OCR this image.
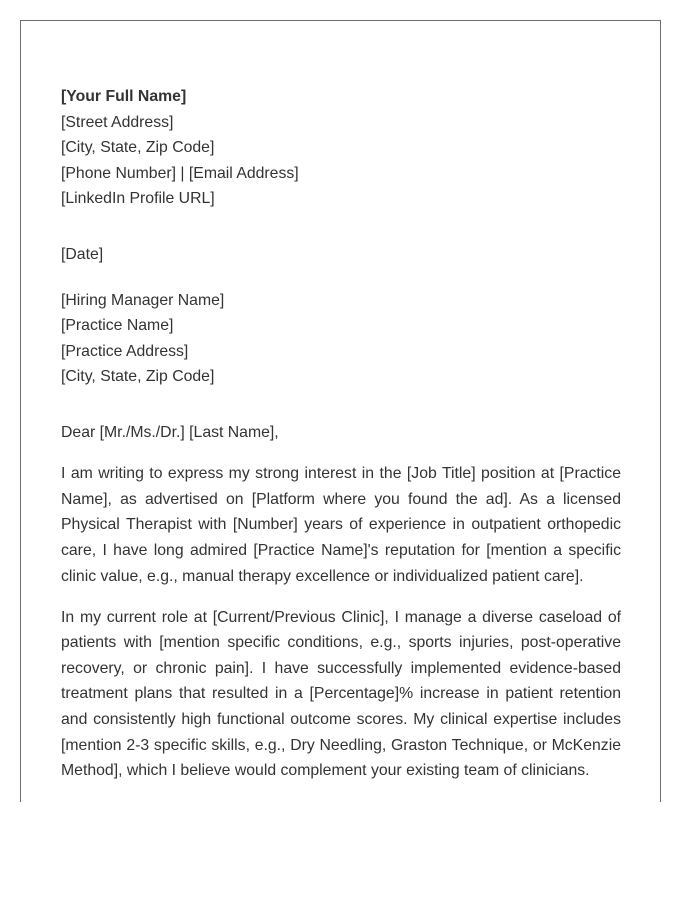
[Your Full Name]
[Street Address]
[City, State, Zip Code]
[Phone Number] | [Email Address]
[LinkedIn Profile URL]
[Date]
[Hiring Manager Name]
[Practice Name]
[Practice Address]
[City, State, Zip Code]
Dear [Mr./Ms./Dr.] [Last Name],

I am writing to express my strong interest in the [Job Title] position at [Practice Name], as advertised on [Platform where you found the ad]. As a licensed Physical Therapist with [Number] years of experience in outpatient orthopedic care, I have long admired [Practice Name]'s reputation for [mention a specific clinic value, e.g., manual therapy excellence or individualized patient care].

In my current role at [Current/Previous Clinic], I manage a diverse caseload of patients with [mention specific conditions, e.g., sports injuries, post-operative recovery, or chronic pain]. I have successfully implemented evidence-based treatment plans that resulted in a [Percentage]% increase in patient retention and consistently high functional outcome scores. My clinical expertise includes [mention 2-3 specific skills, e.g., Dry Needling, Graston Technique, or McKenzie Method], which I believe would complement your existing team of clinicians.
